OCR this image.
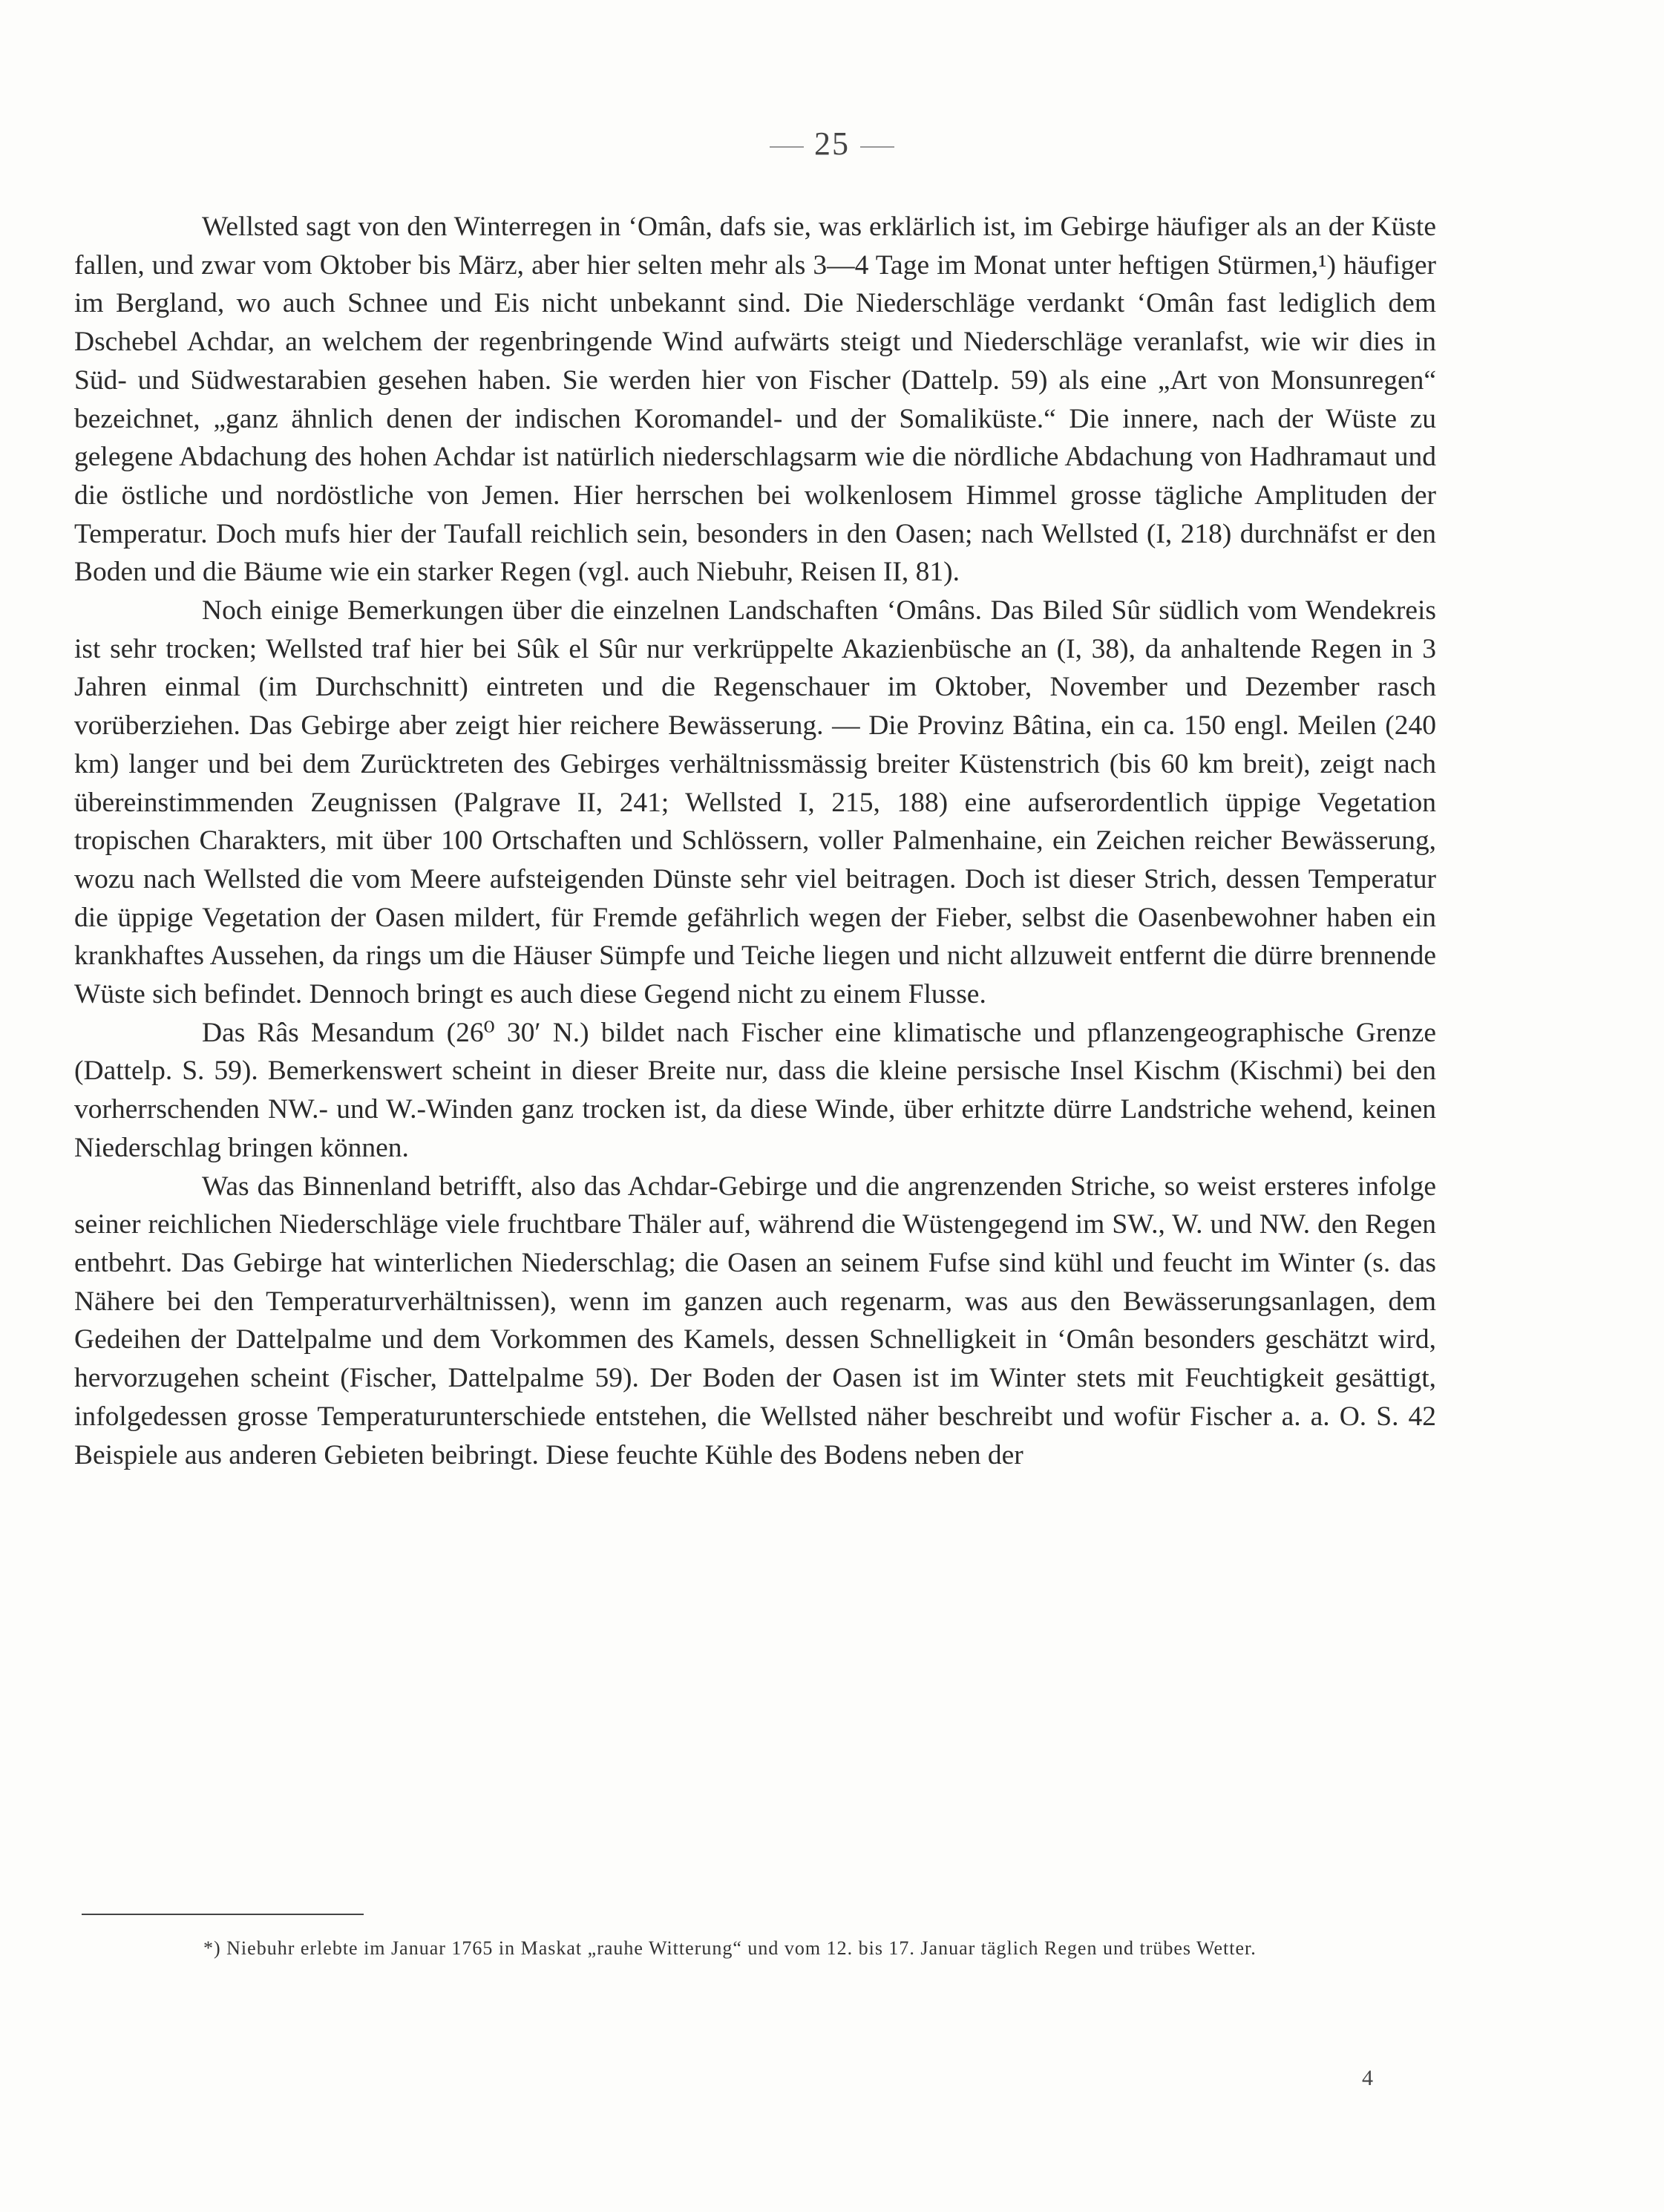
25

Wellsted sagt von den Winterregen in ‘Omân, dafs sie, was erklärlich ist, im Gebirge häufiger als an der Küste fallen, und zwar vom Oktober bis März, aber hier selten mehr als 3—4 Tage im Monat unter heftigen Stürmen,¹) häufiger im Bergland, wo auch Schnee und Eis nicht unbekannt sind. Die Niederschläge verdankt ‘Omân fast lediglich dem Dschebel Achdar, an welchem der regenbringende Wind aufwärts steigt und Niederschläge veranlafst, wie wir dies in Süd- und Südwestarabien gesehen haben. Sie werden hier von Fischer (Dattelp. 59) als eine „Art von Monsunregen“ bezeichnet, „ganz ähnlich denen der indischen Koromandel- und der Somaliküste.“ Die innere, nach der Wüste zu gelegene Abdachung des hohen Achdar ist natürlich niederschlagsarm wie die nördliche Abdachung von Hadhramaut und die östliche und nordöstliche von Jemen. Hier herrschen bei wolkenlosem Himmel grosse tägliche Amplituden der Temperatur. Doch mufs hier der Taufall reichlich sein, besonders in den Oasen; nach Wellsted (I, 218) durchnäfst er den Boden und die Bäume wie ein starker Regen (vgl. auch Niebuhr, Reisen II, 81).

Noch einige Bemerkungen über die einzelnen Landschaften ‘Omâns. Das Biled Sûr südlich vom Wendekreis ist sehr trocken; Wellsted traf hier bei Sûk el Sûr nur verkrüppelte Akazienbüsche an (I, 38), da anhaltende Regen in 3 Jahren einmal (im Durchschnitt) eintreten und die Regenschauer im Oktober, November und Dezember rasch vorüberziehen. Das Gebirge aber zeigt hier reichere Bewässerung. — Die Provinz Bâtina, ein ca. 150 engl. Meilen (240 km) langer und bei dem Zurücktreten des Gebirges verhältnissmässig breiter Küstenstrich (bis 60 km breit), zeigt nach übereinstimmenden Zeugnissen (Palgrave II, 241; Wellsted I, 215, 188) eine aufserordentlich üppige Vegetation tropischen Charakters, mit über 100 Ortschaften und Schlössern, voller Palmenhaine, ein Zeichen reicher Bewässerung, wozu nach Wellsted die vom Meere aufsteigenden Dünste sehr viel beitragen. Doch ist dieser Strich, dessen Temperatur die üppige Vegetation der Oasen mildert, für Fremde gefährlich wegen der Fieber, selbst die Oasenbewohner haben ein krankhaftes Aussehen, da rings um die Häuser Sümpfe und Teiche liegen und nicht allzuweit entfernt die dürre brennende Wüste sich befindet. Dennoch bringt es auch diese Gegend nicht zu einem Flusse.

Das Râs Mesandum (26⁰ 30′ N.) bildet nach Fischer eine klimatische und pflanzengeographische Grenze (Dattelp. S. 59). Bemerkenswert scheint in dieser Breite nur, dass die kleine persische Insel Kischm (Kischmi) bei den vorherrschenden NW.- und W.-Winden ganz trocken ist, da diese Winde, über erhitzte dürre Landstriche wehend, keinen Niederschlag bringen können.

Was das Binnenland betrifft, also das Achdar-Gebirge und die angrenzenden Striche, so weist ersteres infolge seiner reichlichen Niederschläge viele fruchtbare Thäler auf, während die Wüstengegend im SW., W. und NW. den Regen entbehrt. Das Gebirge hat winterlichen Niederschlag; die Oasen an seinem Fufse sind kühl und feucht im Winter (s. das Nähere bei den Temperaturverhältnissen), wenn im ganzen auch regenarm, was aus den Bewässerungsanlagen, dem Gedeihen der Dattelpalme und dem Vorkommen des Kamels, dessen Schnelligkeit in ‘Omân besonders geschätzt wird, hervorzugehen scheint (Fischer, Dattelpalme 59). Der Boden der Oasen ist im Winter stets mit Feuchtigkeit gesättigt, infolgedessen grosse Temperaturunterschiede entstehen, die Wellsted näher beschreibt und wofür Fischer a. a. O. S. 42 Beispiele aus anderen Gebieten beibringt. Diese feuchte Kühle des Bodens neben der

*) Niebuhr erlebte im Januar 1765 in Maskat „rauhe Witterung“ und vom 12. bis 17. Januar täglich Regen und trübes Wetter.
4
